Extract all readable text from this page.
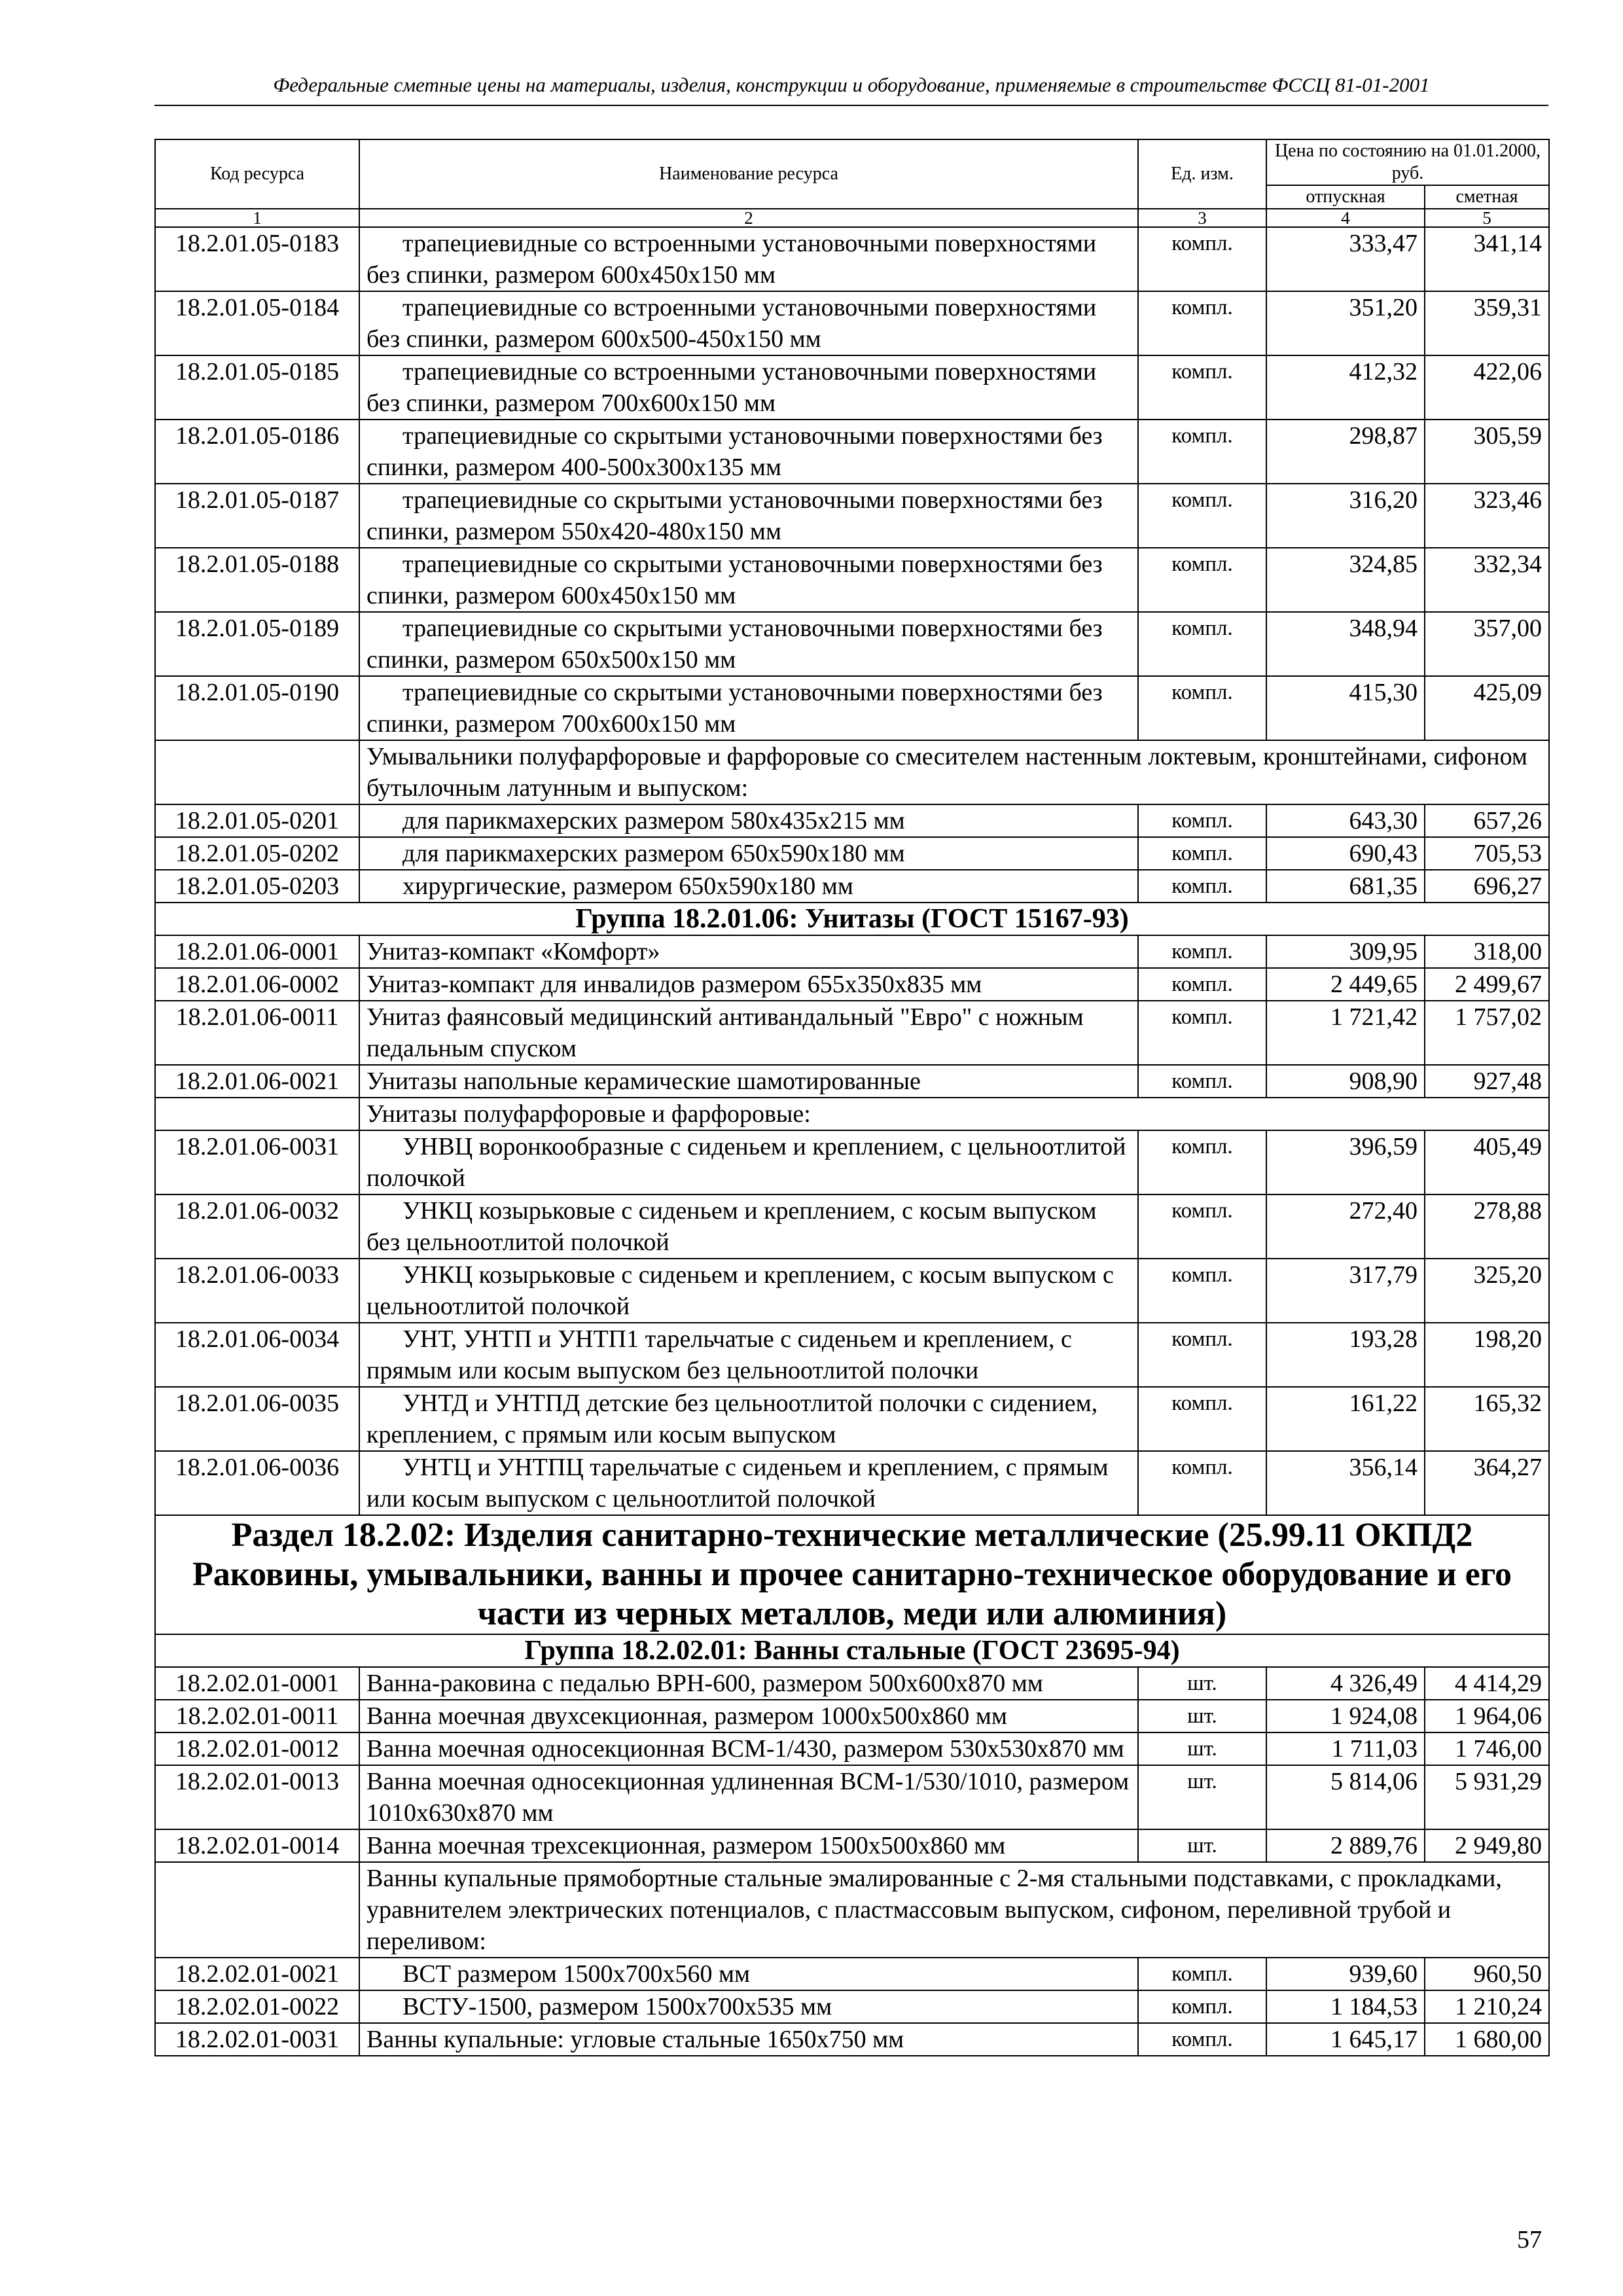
Федеральные сметные цены на материалы, изделия, конструкции и оборудование, применяемые в строительстве ФССЦ 81-01-2001
Код ресурса	Наименование ресурса	Ед. изм.	Цена по состоянию на 01.01.2000, руб.	
			отпускная	сметная
1	2	3	4	5
18.2.01.05-0183	трапециевидные со встроенными установочными поверхностями без спинки, размером 600х450х150 мм	компл.	333,47	341,14
18.2.01.05-0184	трапециевидные со встроенными установочными поверхностями без спинки, размером 600х500-450х150 мм	компл.	351,20	359,31
18.2.01.05-0185	трапециевидные со встроенными установочными поверхностями без спинки, размером 700х600х150 мм	компл.	412,32	422,06
18.2.01.05-0186	трапециевидные со скрытыми установочными поверхностями без спинки, размером 400-500х300х135 мм	компл.	298,87	305,59
18.2.01.05-0187	трапециевидные со скрытыми установочными поверхностями без спинки, размером 550х420-480х150 мм	компл.	316,20	323,46
18.2.01.05-0188	трапециевидные со скрытыми установочными поверхностями без спинки, размером 600х450х150 мм	компл.	324,85	332,34
18.2.01.05-0189	трапециевидные со скрытыми установочными поверхностями без спинки, размером 650х500х150 мм	компл.	348,94	357,00
18.2.01.05-0190	трапециевидные со скрытыми установочными поверхностями без спинки, размером 700х600х150 мм	компл.	415,30	425,09
	Умывальники полуфарфоровые и фарфоровые со смесителем настенным локтевым, кронштейнами, сифоном бутылочным латунным и выпуском:			
18.2.01.05-0201	для парикмахерских размером 580х435х215 мм	компл.	643,30	657,26
18.2.01.05-0202	для парикмахерских размером 650х590х180 мм	компл.	690,43	705,53
18.2.01.05-0203	хирургические, размером 650х590х180 мм	компл.	681,35	696,27
Группа 18.2.01.06: Унитазы (ГОСТ 15167-93)				
18.2.01.06-0001	Унитаз-компакт «Комфорт»	компл.	309,95	318,00
18.2.01.06-0002	Унитаз-компакт для инвалидов размером 655х350х835 мм	компл.	2 449,65	2 499,67
18.2.01.06-0011	Унитаз фаянсовый медицинский антивандальный "Евро" с ножным педальным спуском	компл.	1 721,42	1 757,02
18.2.01.06-0021	Унитазы напольные керамические шамотированные	компл.	908,90	927,48
	Унитазы полуфарфоровые и фарфоровые:			
18.2.01.06-0031	УНВЦ воронкообразные с сиденьем и креплением, с цельноотлитой полочкой	компл.	396,59	405,49
18.2.01.06-0032	УНКЦ козырьковые с сиденьем и креплением, с косым выпуском без цельноотлитой полочкой	компл.	272,40	278,88
18.2.01.06-0033	УНКЦ козырьковые с сиденьем и креплением, с косым выпуском с цельноотлитой полочкой	компл.	317,79	325,20
18.2.01.06-0034	УНТ, УНТП и УНТП1 тарельчатые с сиденьем и креплением, с прямым или косым выпуском без цельноотлитой полочки	компл.	193,28	198,20
18.2.01.06-0035	УНТД и УНТПД детские без цельноотлитой полочки с сидением, креплением, с прямым или косым выпуском	компл.	161,22	165,32
18.2.01.06-0036	УНТЦ и УНТПЦ тарельчатые с сиденьем и креплением, с прямым или косым выпуском с цельноотлитой полочкой	компл.	356,14	364,27
Раздел 18.2.02: Изделия санитарно-технические металлические (25.99.11 ОКПД2 Раковины, умывальники, ванны и прочее санитарно-техническое оборудование и его части из черных металлов, меди или алюминия)				
Группа 18.2.02.01: Ванны стальные (ГОСТ 23695-94)				
18.2.02.01-0001	Ванна-раковина с педалью ВРН-600, размером 500х600х870 мм	шт.	4 326,49	4 414,29
18.2.02.01-0011	Ванна моечная двухсекционная, размером 1000х500х860 мм	шт.	1 924,08	1 964,06
18.2.02.01-0012	Ванна моечная односекционная ВСМ-1/430, размером 530х530х870 мм	шт.	1 711,03	1 746,00
18.2.02.01-0013	Ванна моечная односекционная удлиненная ВСМ-1/530/1010, размером 1010х630х870 мм	шт.	5 814,06	5 931,29
18.2.02.01-0014	Ванна моечная трехсекционная, размером 1500х500х860 мм	шт.	2 889,76	2 949,80
	Ванны купальные прямобортные стальные эмалированные с 2-мя стальными подставками, с прокладками, уравнителем электрических потенциалов, с пластмассовым выпуском, сифоном, переливной трубой и переливом:			
18.2.02.01-0021	ВСТ размером 1500х700х560 мм	компл.	939,60	960,50
18.2.02.01-0022	ВСТУ-1500, размером 1500х700х535 мм	компл.	1 184,53	1 210,24
18.2.02.01-0031	Ванны купальные: угловые стальные 1650х750 мм	компл.	1 645,17	1 680,00
57
